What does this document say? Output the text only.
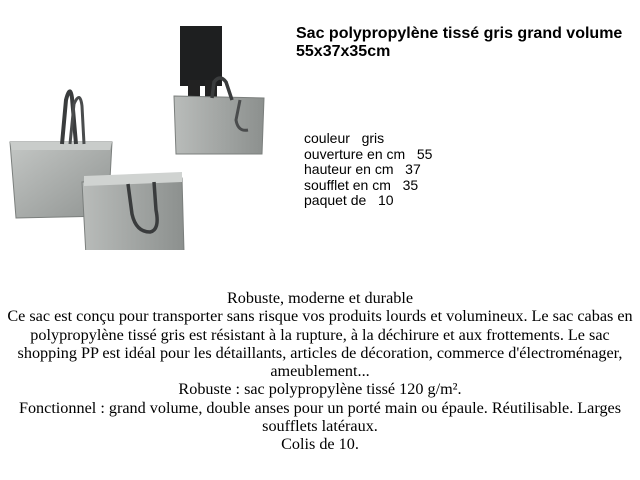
Sac polypropylène tissé gris grand volume 55x37x35cm
couleur gris
ouverture en cm 55
hauteur en cm 37
soufflet en cm 35
paquet de 10

Robuste, moderne et durable

Ce sac est conçu pour transporter sans risque vos produits lourds et volumineux. Le sac cabas en polypropylène tissé gris est résistant à la rupture, à la déchirure et aux frottements. Le sac shopping PP est idéal pour les détaillants, articles de décoration, commerce d'électroménager, ameublement...

Robuste : sac polypropylène tissé 120 g/m².

Fonctionnel : grand volume, double anses pour un porté main ou épaule. Réutilisable. Larges soufflets latéraux.

Colis de 10.
